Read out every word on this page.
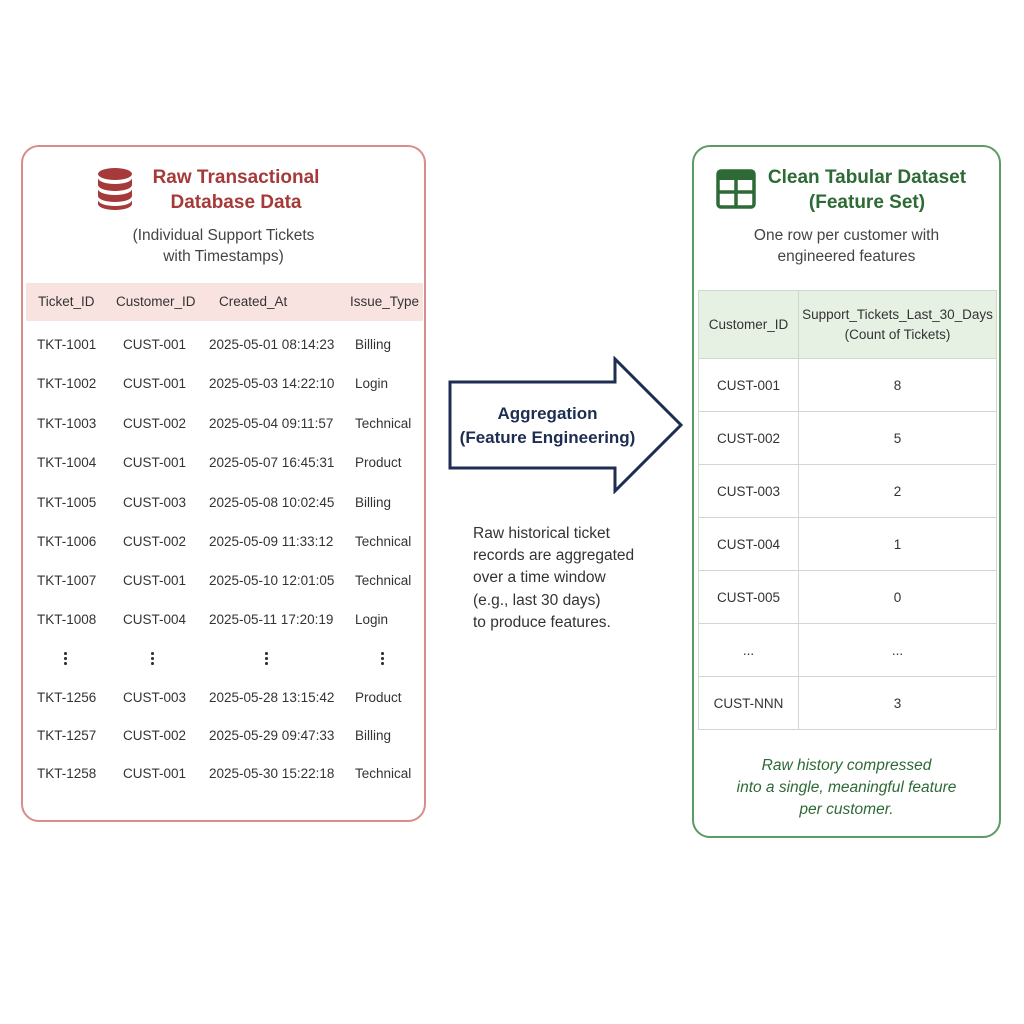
Raw Transactional
Database Data
(Individual Support Tickets
with Timestamps)
Ticket_ID Customer_ID Created_At	Issue_Type
TKT-1001 CUST-001 2025-05-01 08:14:23 Billing
TKT-1002 CUST-001 2025-05-03 14:22:10 Login
TKT-1003 CUST-002 2025-05-04 09:11:57 Technical
TKT-1004 CUST-001 2025-05-07 16:45:31 Product
TKT-1005 CUST-003 2025-05-08 10:02:45 Billing
TKT-1006 CUST-002 2025-05-09 11:33:12 Technical
TKT-1007 CUST-001 2025-05-10 12:01:05 Technical
TKT-1008 CUST-004 2025-05-11 17:20:19 Login
TKT-1256 CUST-003 2025-05-28 13:15:42 Product
TKT-1257 CUST-002 2025-05-29 09:47:33 Billing
TKT-1258 CUST-001 2025-05-30 15:22:18 Technical
Aggregation
(Feature Engineering)
Raw historical ticket
records are aggregated
over a time window
(e.g., last 30 days)
to produce features.
Clean Tabular Dataset
(Feature Set)
One row per customer with
engineered features
Customer_ID	Support_Tickets_Last_30_Days
(Count of Tickets)

CUST-001	8
CUST-002	5
CUST-003	2
CUST-004	1
CUST-005	0
...	...
CUST-NNN	3
Raw history compressed
into a single, meaningful feature
per customer.
